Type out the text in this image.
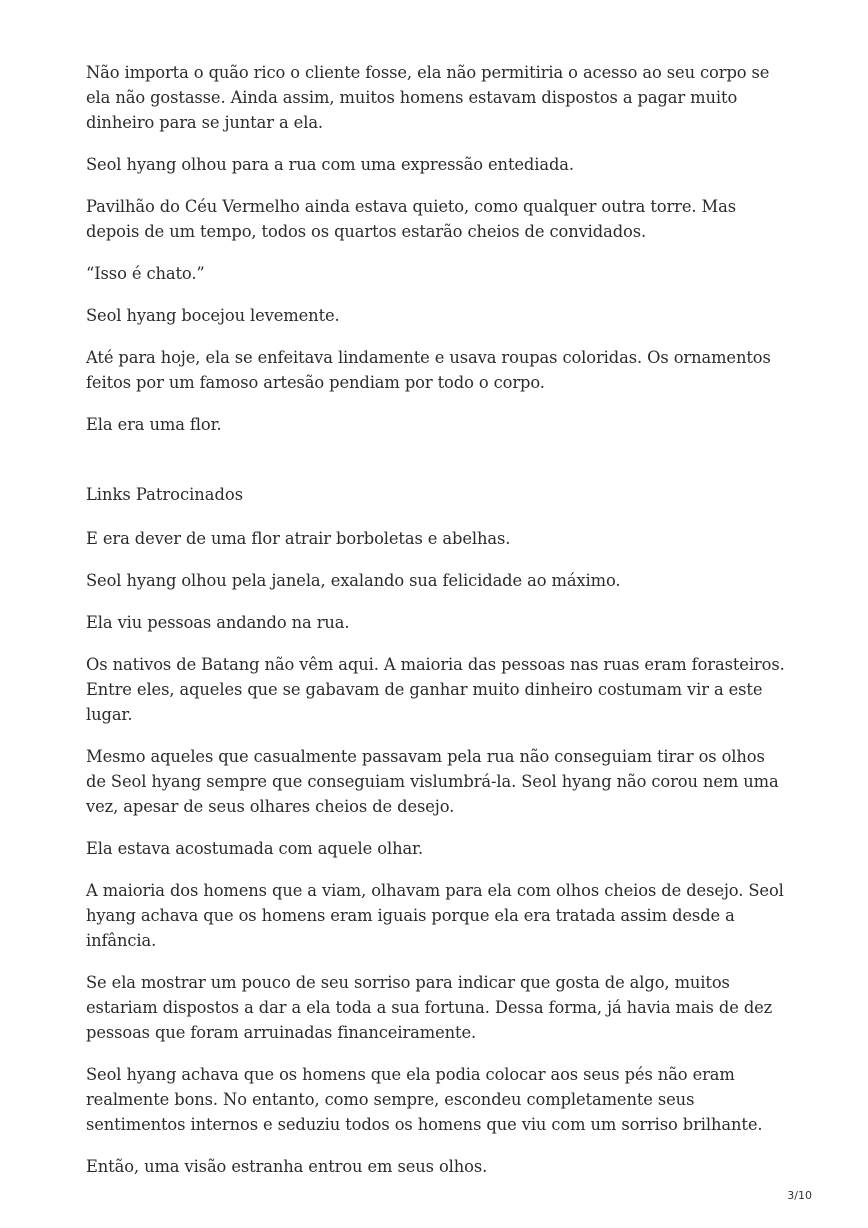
Não importa o quão rico o cliente fosse, ela não permitiria o acesso ao seu corpo se ela não gostasse. Ainda assim, muitos homens estavam dispostos a pagar muito dinheiro para se juntar a ela.

Seol hyang olhou para a rua com uma expressão entediada.

Pavilhão do Céu Vermelho ainda estava quieto, como qualquer outra torre. Mas depois de um tempo, todos os quartos estarão cheios de convidados.

“Isso é chato.”

Seol hyang bocejou levemente.

Até para hoje, ela se enfeitava lindamente e usava roupas coloridas. Os ornamentos feitos por um famoso artesão pendiam por todo o corpo.

Ela era uma flor.

Links Patrocinados

E era dever de uma flor atrair borboletas e abelhas.

Seol hyang olhou pela janela, exalando sua felicidade ao máximo.

Ela viu pessoas andando na rua.

Os nativos de Batang não vêm aqui. A maioria das pessoas nas ruas eram forasteiros. Entre eles, aqueles que se gabavam de ganhar muito dinheiro costumam vir a este lugar.

Mesmo aqueles que casualmente passavam pela rua não conseguiam tirar os olhos de Seol hyang sempre que conseguiam vislumbrá-la. Seol hyang não corou nem uma vez, apesar de seus olhares cheios de desejo.

Ela estava acostumada com aquele olhar.

A maioria dos homens que a viam, olhavam para ela com olhos cheios de desejo. Seol hyang achava que os homens eram iguais porque ela era tratada assim desde a infância.

Se ela mostrar um pouco de seu sorriso para indicar que gosta de algo, muitos estariam dispostos a dar a ela toda a sua fortuna. Dessa forma, já havia mais de dez pessoas que foram arruinadas financeiramente.

Seol hyang achava que os homens que ela podia colocar aos seus pés não eram realmente bons. No entanto, como sempre, escondeu completamente seus sentimentos internos e seduziu todos os homens que viu com um sorriso brilhante.

Então, uma visão estranha entrou em seus olhos.

3/10
